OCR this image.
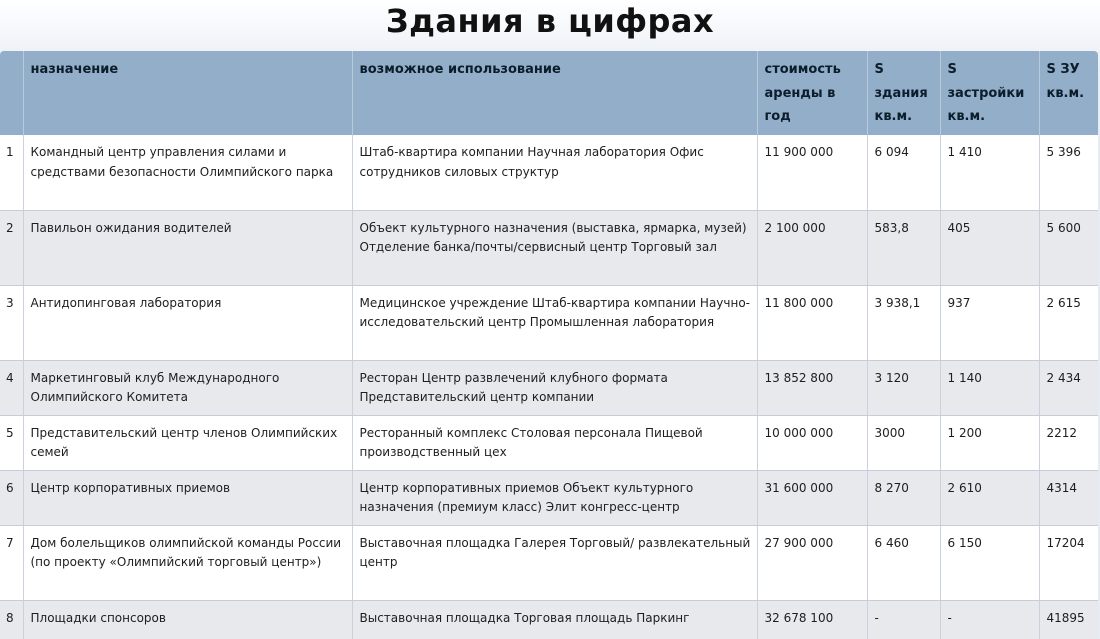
Здания в цифрах
	назначение	возможное использование	стоимость аренды в год	S здания кв.м.	S застройки кв.м.	S ЗУ кв.м.
1	Командный центр управления силами и средствами безопасности Олимпийского парка	Штаб-квартира компании Научная лаборатория Офис сотрудников силовых структур	11 900 000	6 094	1 410	5 396
2	Павильон ожидания водителей	Объект культурного назначения (выставка, ярмарка, музей) Отделение банка/почты/сервисный центр Торговый зал	2 100 000	583,8	405	5 600
3	Антидопинговая лаборатория	Медицинское учреждение Штаб-квартира компании Научно-исследовательский центр Промышленная лаборатория	11 800 000	3 938,1	937	2 615
4	Маркетинговый клуб Международного Олимпийского Комитета	Ресторан Центр развлечений клубного формата Представительский центр компании	13 852 800	3 120	1 140	2 434
5	Представительский центр членов Олимпийских семей	Ресторанный комплекс Столовая персонала Пищевой производственный цех	10 000 000	3000	1 200	2212
6	Центр корпоративных приемов	Центр корпоративных приемов Объект культурного назначения (премиум класс) Элит конгресс-центр	31 600 000	8 270	2 610	4314
7	Дом болельщиков олимпийской команды России (по проекту «Олимпийский торговый центр»)	Выставочная площадка Галерея Торговый/ развлекательный центр	27 900 000	6 460	6 150	17204
8	Площадки спонсоров	Выставочная площадка Торговая площадь Паркинг	32 678 100	-	-	41895
